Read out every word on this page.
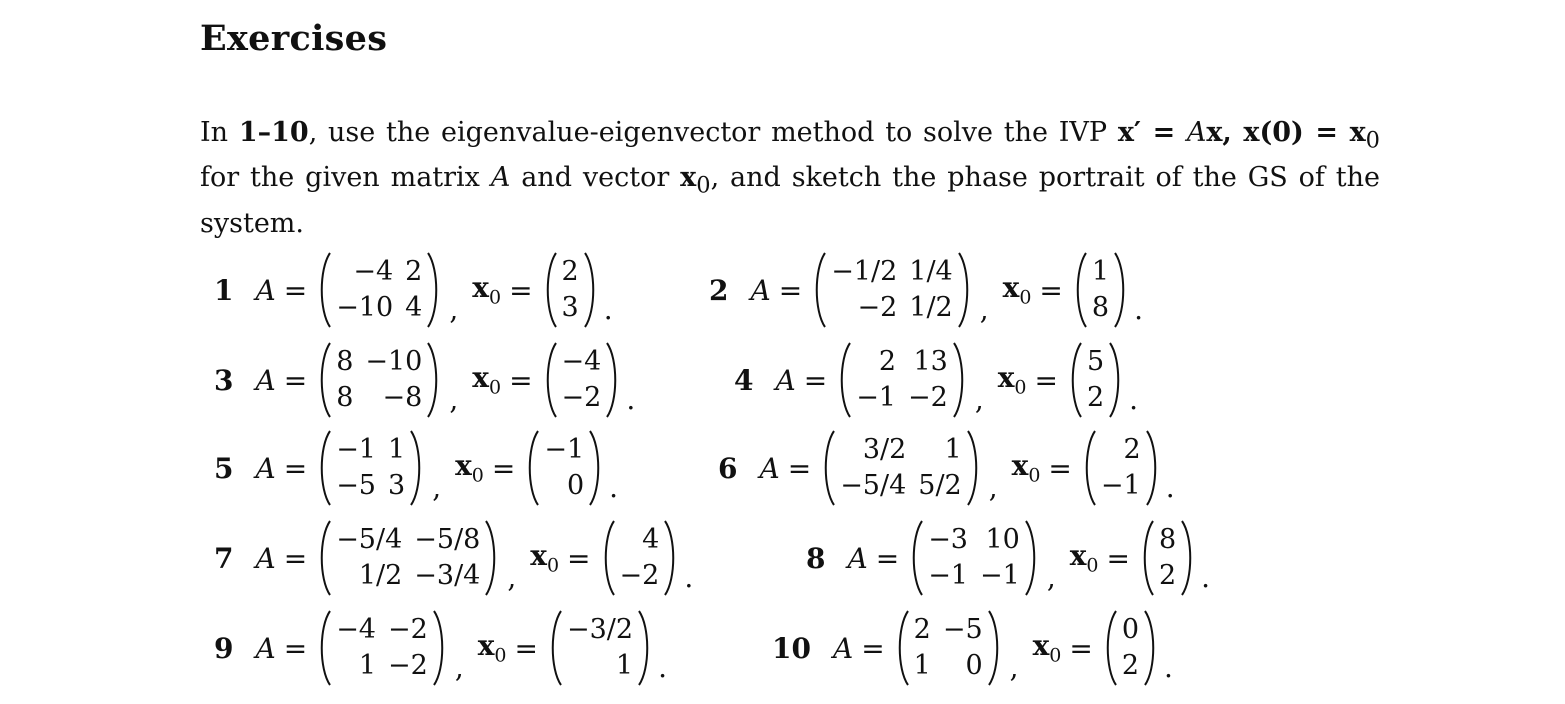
Exercises
In 1–10, use the eigenvalue-eigenvector method to solve the IVP x′ = Ax, $x(0) = x_0$ for the given matrix A and vector $x_0$, and sketch the phase portrait of the GS of the system.
1 A =
−4 2
−10 4 ,
$x_0$ =
2
3 .
2 A =
−1/2 1/4
−2 1/2 ,
$x_0$ =
1
8 .
3 A =
8 −10
8	−8 ,
$x_0$ =
−4
−2 .
4 A =
2 13
−1 −2 ,
$x_0$ =
5
2 .
5 A =
−1 1
−5 3 ,
$x_0$ =
−1
0 .
6 A =
3/2	1
−5/4 5/2 ,
$x_0$ =
2
−1 .
7 A =
−5/4 −5/8
1/2 −3/4 ,
$x_0$ =
4
−2 .
8 A =
−3 10
−1 −1 ,
$x_0$ =
8
2 .
9 A =
−4 −2
1 −2 ,
$x_0$ =
−3/2
1 .
10 A =
2 −5
1	0 ,
$x_0$ =
0
2 .
